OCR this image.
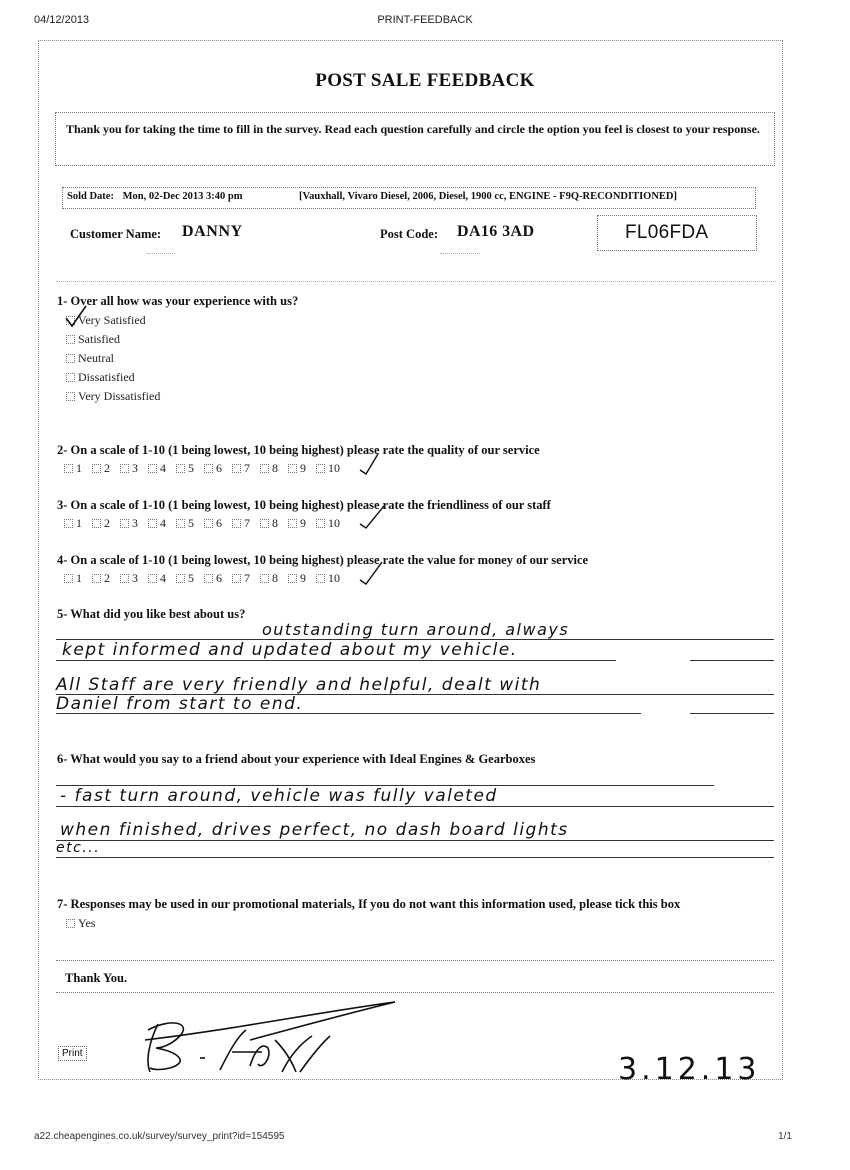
04/12/2013	PRINT-FEEDBACK
POST SALE FEEDBACK
Thank you for taking the time to fill in the survey. Read each question carefully and circle the option you feel is closest to your response.
Sold Date: Mon, 02-Dec 2013 3:40 pm	[Vauxhall, Vivaro Diesel, 2006, Diesel, 1900 cc, ENGINE - F9Q-RECONDITIONED]
Customer Name: DANNY	Post Code: DA16 3AD	FL06FDA
1- Over all how was your experience with us?
Very Satisfied
Satisfied
Neutral
Dissatisfied
Very Dissatisfied
2- On a scale of 1-10 (1 being lowest, 10 being highest) please rate the quality of our service
1 2 3 4 5 6 7 8 9 10
3- On a scale of 1-10 (1 being lowest, 10 being highest) please rate the friendliness of our staff
1 2 3 4 5 6 7 8 9 10
4- On a scale of 1-10 (1 being lowest, 10 being highest) please rate the value for money of our service
1 2 3 4 5 6 7 8 9 10
5- What did you like best about us?
outstanding turn around, always
kept informed and updated about my vehicle.
All Staff are very friendly and helpful, dealt with
Daniel from start to end.
6- What would you say to a friend about your experience with Ideal Engines & Gearboxes
- fast turn around, vehicle was fully valeted
when finished, drives perfect, no dash board lights
etc...
7- Responses may be used in our promotional materials, If you do not want this information used, please tick this box
Yes
Thank You.
Print	3.12.13
a22.cheapengines.co.uk/survey/survey_print?id=154595	1/1
